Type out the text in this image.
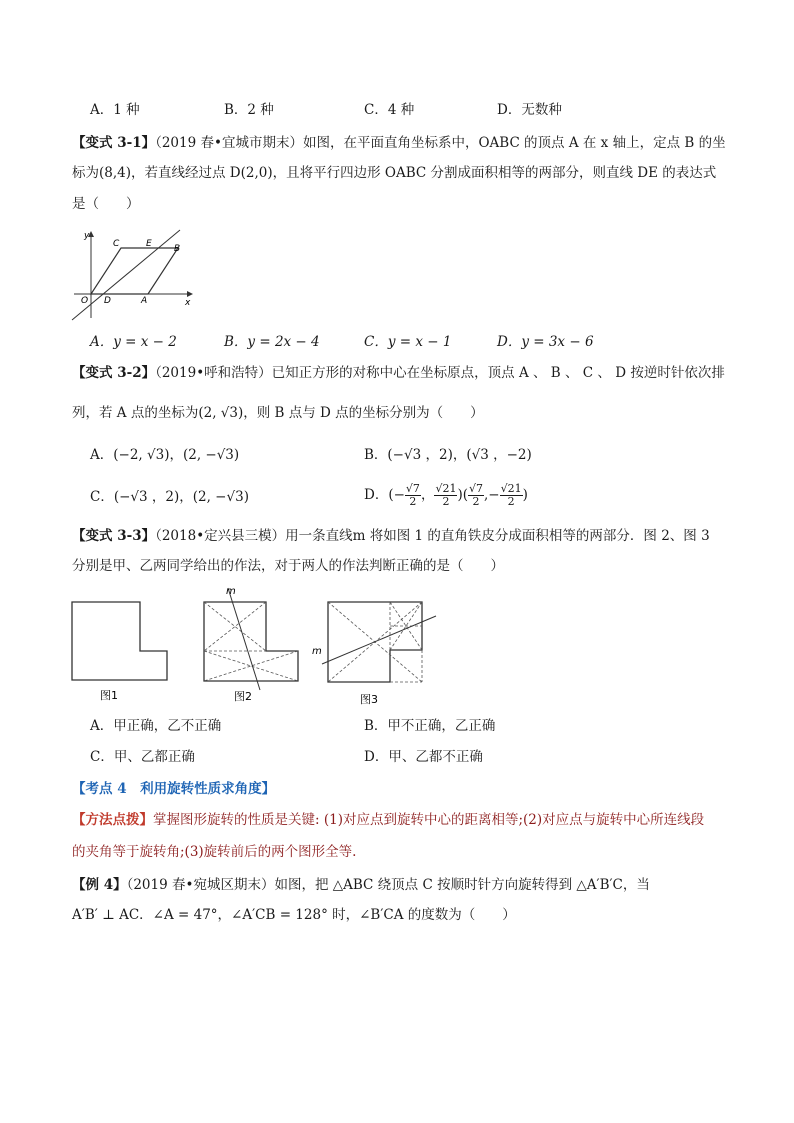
A．1 种	B．2 种	C．4 种	D．无数种
【变式 3-1】（2019 春•宜城市期末）如图，在平面直角坐标系中，OABC 的顶点 A 在 x 轴上，定点 B 的坐
标为(8,4)，若直线经过点 D(2,0)，且将平行四边形 OABC 分割成面积相等的两部分，则直线 DE 的表达式
是（　　）
y
x
C	E B
O D	A
A．y = x − 2	B．y = 2x − 4	C．y = x − 1	D．y = 3x − 6
【变式 3-2】（2019•呼和浩特）已知正方形的对称中心在坐标原点，顶点 A 、 B 、 C 、 D 按逆时针依次排
列，若 A 点的坐标为(2, √3)，则 B 点与 D 点的坐标分别为（　　）
A．(−2, √3)，(2, −√3)	B．(−√3 ，2)，(√3 ，−2)
C．(−√3 ，2)，(2, −√3)	D．(− $\frac{√7}{2}$ ， $\frac{√21}{2}$ )( $\frac{√7}{2}$ ,− $\frac{√21}{2}$ )
【变式 3-3】（2018•定兴县三模）用一条直线m 将如图 1 的直角铁皮分成面积相等的两部分．图 2、图 3
分别是甲、乙两同学给出的作法，对于两人的作法判断正确的是（　　）
图1
m
图2
m
图3
A．甲正确，乙不正确	B．甲不正确，乙正确
C．甲、乙都正确	D．甲、乙都不正确
【考点 4　利用旋转性质求角度】
【方法点拨】掌握图形旋转的性质是关键: (1)对应点到旋转中心的距离相等;(2)对应点与旋转中心所连线段
的夹角等于旋转角;(3)旋转前后的两个图形全等.
【例 4】（2019 春•宛城区期末）如图，把 △ABC 绕顶点 C 按顺时针方向旋转得到 △A′B′C，当
A′B′ ⊥ AC．∠A = 47°，∠A′CB = 128° 时，∠B′CA 的度数为（　　）
